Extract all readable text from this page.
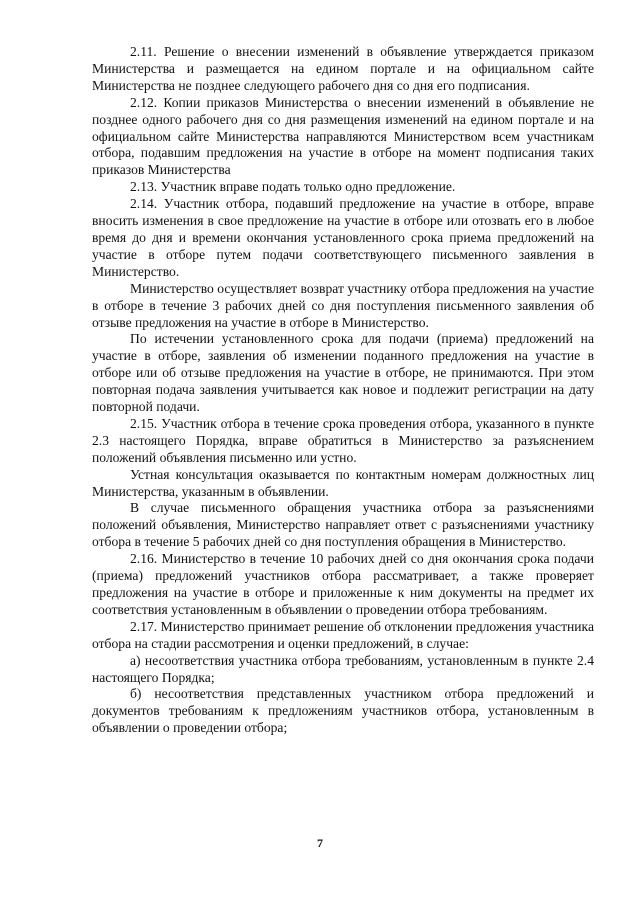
2.11. Решение о внесении изменений в объявление утверждается приказом Министерства и размещается на едином портале и на официальном сайте Министерства не позднее следующего рабочего дня со дня его подписания.

2.12. Копии приказов Министерства о внесении изменений в объявление не позднее одного рабочего дня со дня размещения изменений на едином портале и на официальном сайте Министерства направляются Министерством всем участникам отбора, подавшим предложения на участие в отборе на момент подписания таких приказов Министерства

2.13. Участник вправе подать только одно предложение.

2.14. Участник отбора, подавший предложение на участие в отборе, вправе вносить изменения в свое предложение на участие в отборе или отозвать его в любое время до дня и времени окончания установленного срока приема предложений на участие в отборе путем подачи соответствующего письменного заявления в Министерство.

Министерство осуществляет возврат участнику отбора предложения на участие в отборе в течение 3 рабочих дней со дня поступления письменного заявления об отзыве предложения на участие в отборе в Министерство.

По истечении установленного срока для подачи (приема) предложений на участие в отборе, заявления об изменении поданного предложения на участие в отборе или об отзыве предложения на участие в отборе, не принимаются. При этом повторная подача заявления учитывается как новое и подлежит регистрации на дату повторной подачи.

2.15. Участник отбора в течение срока проведения отбора, указанного в пункте 2.3 настоящего Порядка, вправе обратиться в Министерство за разъяснением положений объявления письменно или устно.

Устная консультация оказывается по контактным номерам должностных лиц Министерства, указанным в объявлении.

В случае письменного обращения участника отбора за разъяснениями положений объявления, Министерство направляет ответ с разъяснениями участнику отбора в течение 5 рабочих дней со дня поступления обращения в Министерство.

2.16. Министерство в течение 10 рабочих дней со дня окончания срока подачи (приема) предложений участников отбора рассматривает, а также проверяет предложения на участие в отборе и приложенные к ним документы на предмет их соответствия установленным в объявлении о проведении отбора требованиям.

2.17. Министерство принимает решение об отклонении предложения участника отбора на стадии рассмотрения и оценки предложений, в случае:

а) несоответствия участника отбора требованиям, установленным в пункте 2.4 настоящего Порядка;

б) несоответствия представленных участником отбора предложений и документов требованиям к предложениям участников отбора, установленным в объявлении о проведении отбора;

7
